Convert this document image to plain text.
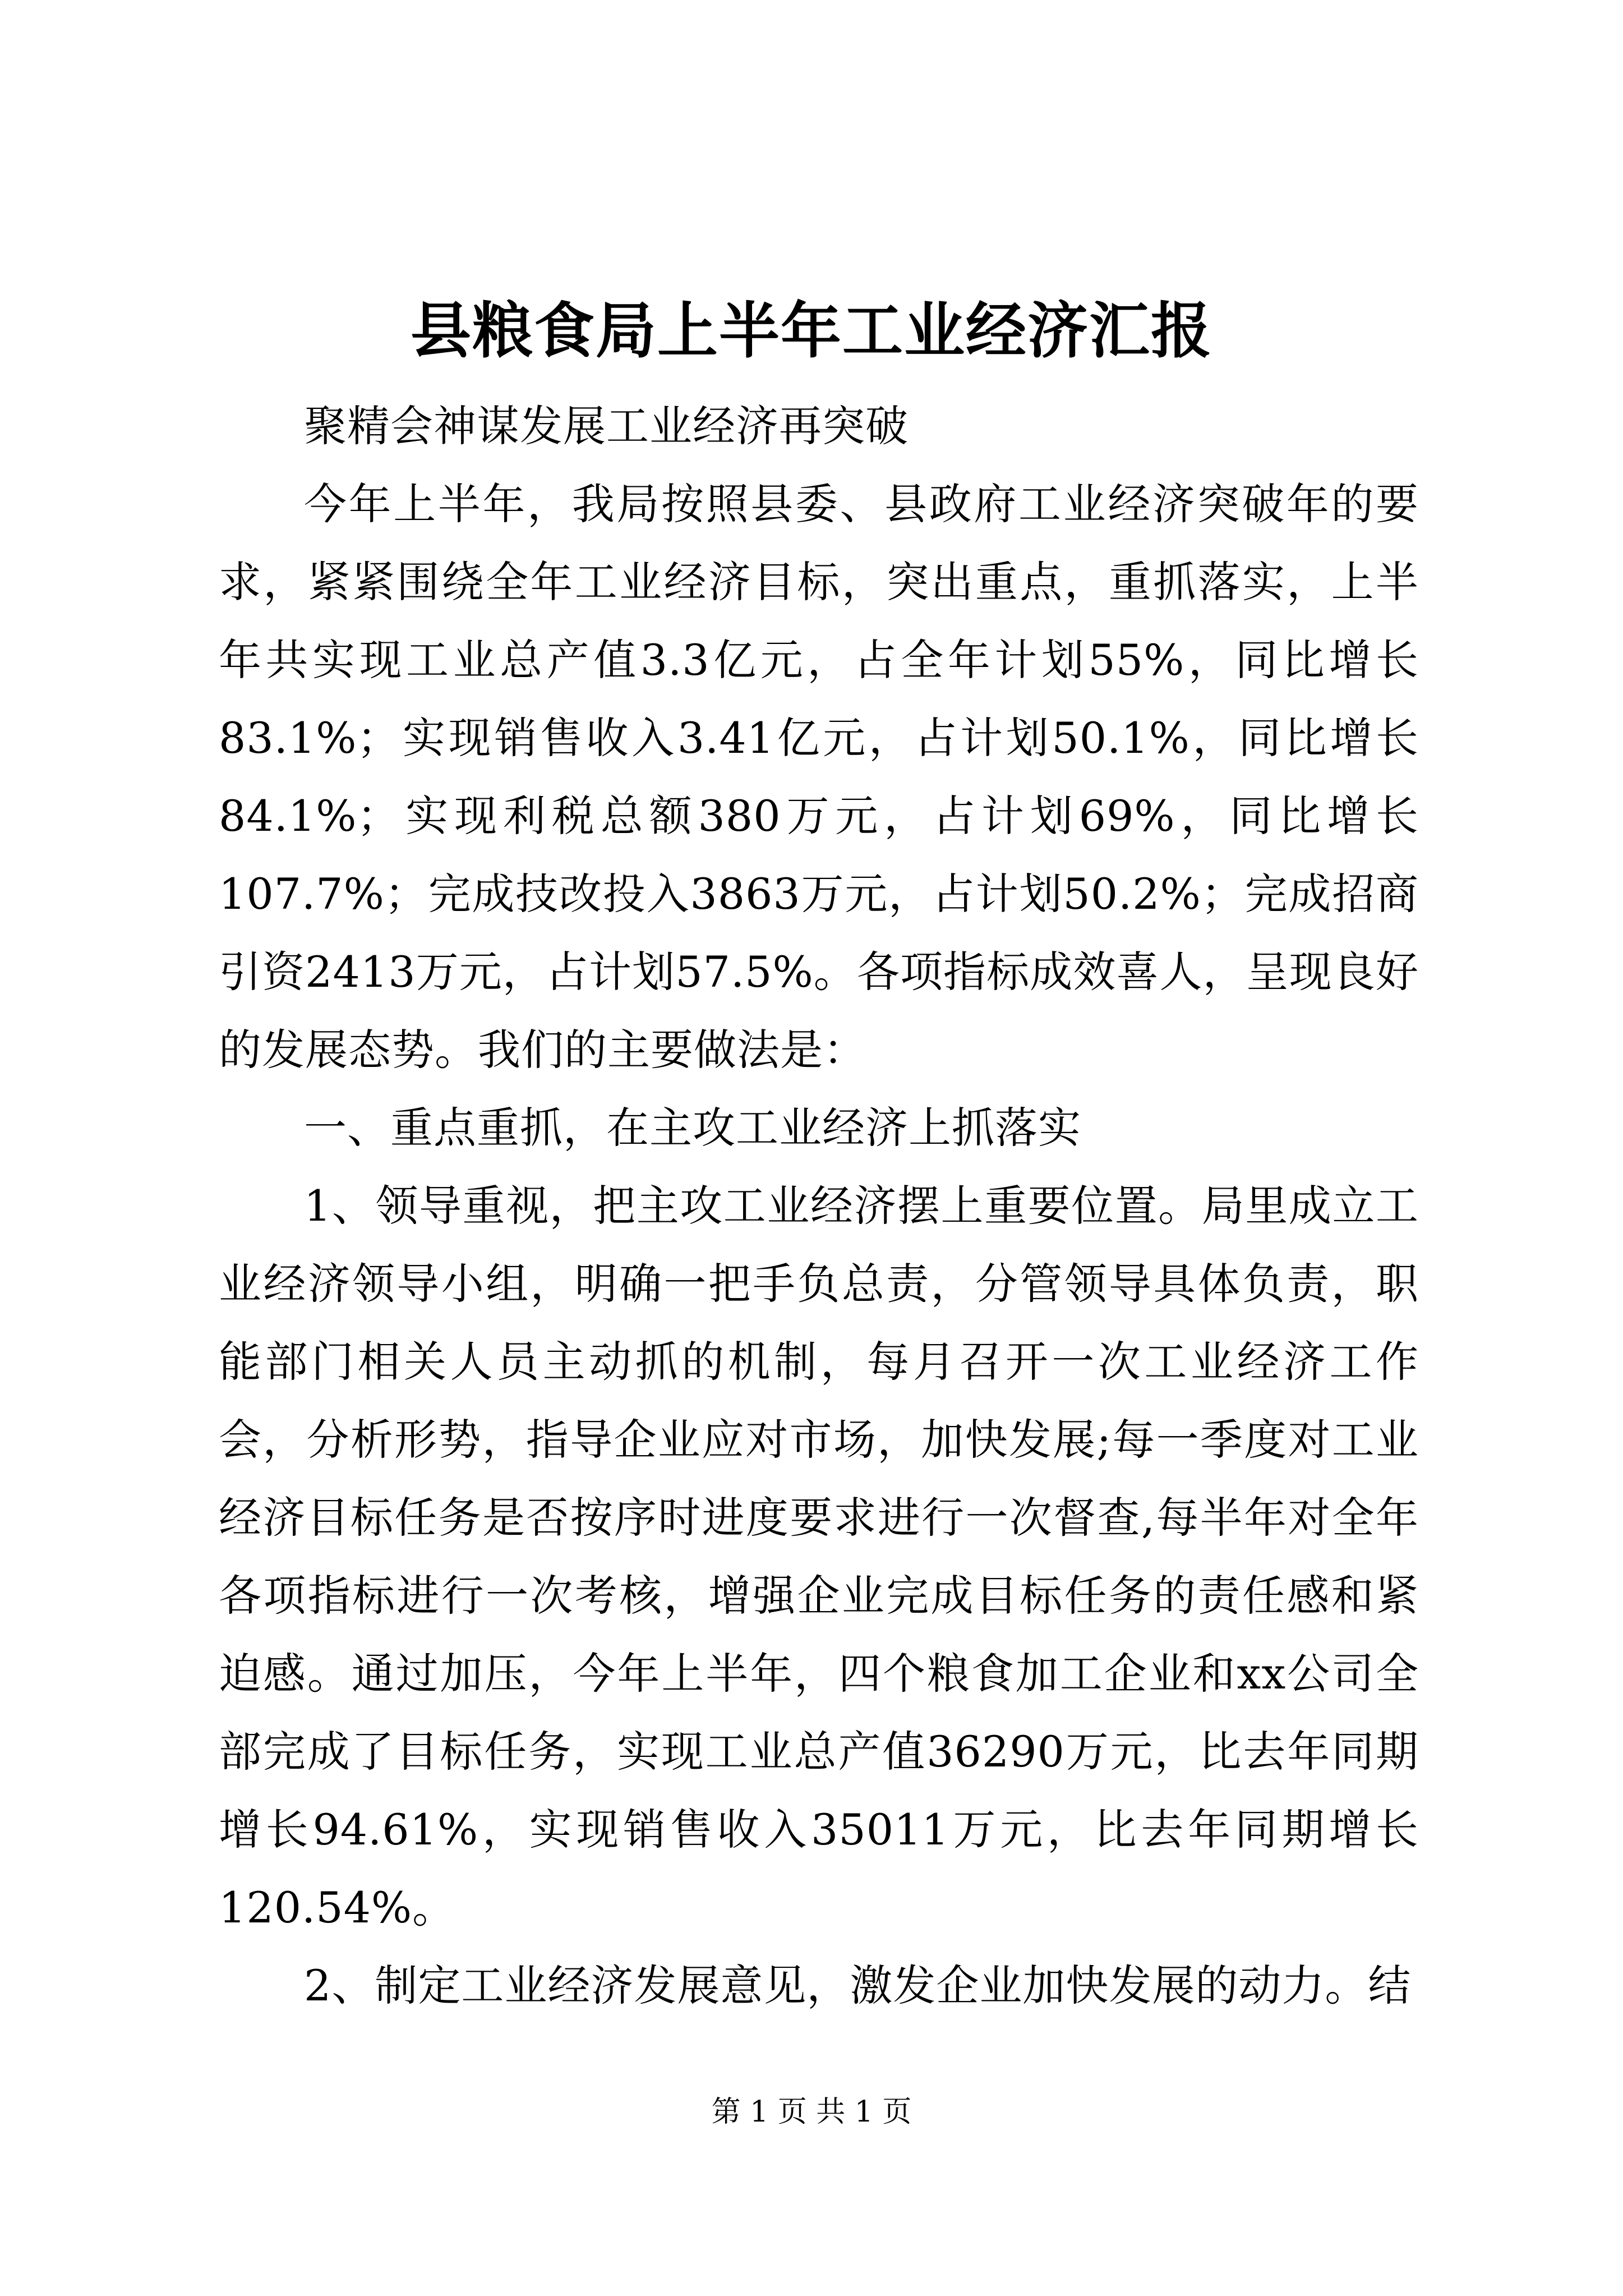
县粮食局上半年工业经济汇报

聚精会神谋发展工业经济再突破

今年上半年，我局按照县委、县政府工业经济突破年的要求，紧紧围绕全年工业经济目标，突出重点，重抓落实，上半年共实现工业总产值3.3亿元，占全年计划55%，同比增长83.1%；实现销售收入3.41亿元，占计划50.1%，同比增长84.1%；实现利税总额380万元，占计划69%，同比增长107.7%；完成技改投入3863万元，占计划50.2%；完成招商引资2413万元，占计划57.5%。各项指标成效喜人，呈现良好的发展态势。我们的主要做法是：

一、重点重抓，在主攻工业经济上抓落实

1、领导重视，把主攻工业经济摆上重要位置。局里成立工业经济领导小组，明确一把手负总责，分管领导具体负责，职能部门相关人员主动抓的机制，每月召开一次工业经济工作会，分析形势，指导企业应对市场，加快发展;每一季度对工业经济目标任务是否按序时进度要求进行一次督查,每半年对全年各项指标进行一次考核，增强企业完成目标任务的责任感和紧迫感。通过加压，今年上半年，四个粮食加工企业和xx公司全部完成了目标任务，实现工业总产值36290万元，比去年同期增长94.61%，实现销售收入35011万元，比去年同期增长120.54%。

2、制定工业经济发展意见，激发企业加快发展的动力。结

第 1 页 共 1 页
